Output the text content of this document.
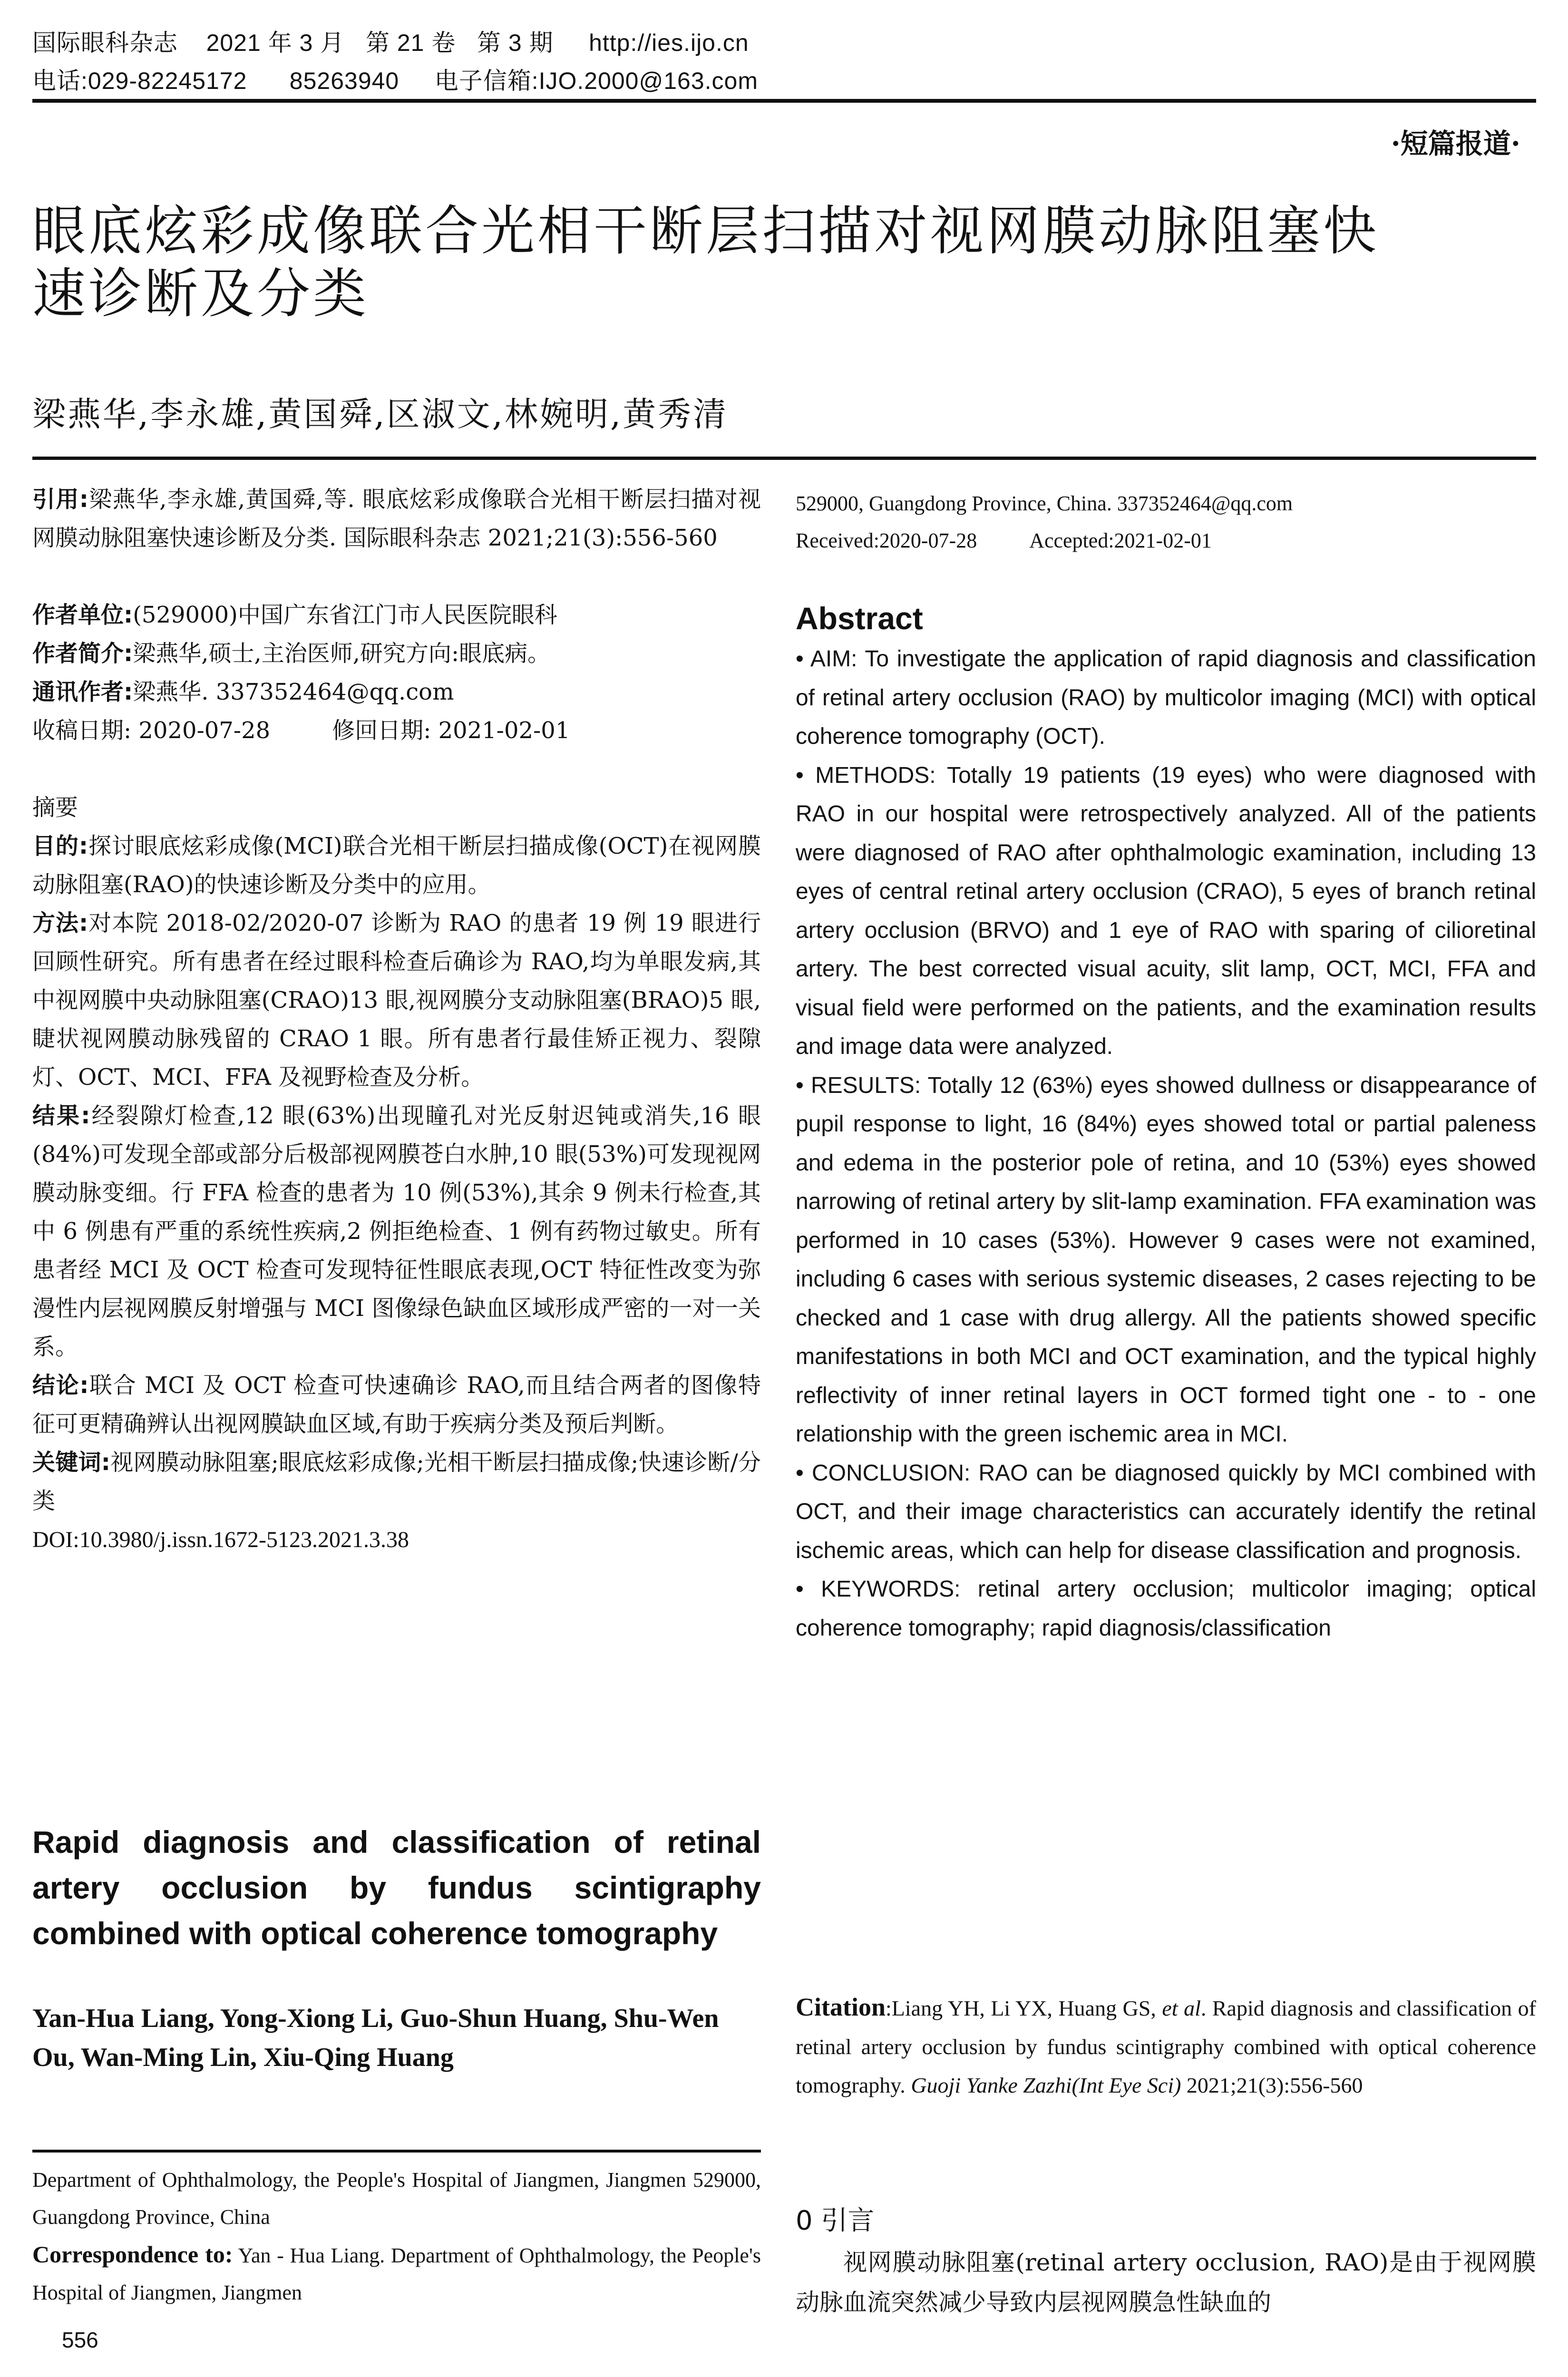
国际眼科杂志    2021 年 3 月   第 21 卷   第 3 期     http://ies.ijo.cn
电话:029-82245172      85263940     电子信箱:IJO.2000@163.com
·短篇报道·
眼底炫彩成像联合光相干断层扫描对视网膜动脉阻塞快
速诊断及分类
梁燕华,李永雄,黄国舜,区淑文,林婉明,黄秀清

引用:梁燕华,李永雄,黄国舜,等. 眼底炫彩成像联合光相干断层扫描对视网膜动脉阻塞快速诊断及分类. 国际眼科杂志 2021;21(3):556-560

作者单位:(529000)中国广东省江门市人民医院眼科

作者简介:梁燕华,硕士,主治医师,研究方向:眼底病。

通讯作者:梁燕华. 337352464@qq.com

收稿日期: 2020-07-28	修回日期: 2021-02-01

摘要

目的:探讨眼底炫彩成像(MCI)联合光相干断层扫描成像(OCT)在视网膜动脉阻塞(RAO)的快速诊断及分类中的应用。

方法:对本院 2018-02/2020-07 诊断为 RAO 的患者 19 例 19 眼进行回顾性研究。所有患者在经过眼科检查后确诊为 RAO,均为单眼发病,其中视网膜中央动脉阻塞(CRAO)13 眼,视网膜分支动脉阻塞(BRAO)5 眼,睫状视网膜动脉残留的 CRAO 1 眼。所有患者行最佳矫正视力、裂隙灯、OCT、MCI、FFA 及视野检查及分析。

结果:经裂隙灯检查,12 眼(63%)出现瞳孔对光反射迟钝或消失,16 眼(84%)可发现全部或部分后极部视网膜苍白水肿,10 眼(53%)可发现视网膜动脉变细。行 FFA 检查的患者为 10 例(53%),其余 9 例未行检查,其中 6 例患有严重的系统性疾病,2 例拒绝检查、1 例有药物过敏史。所有患者经 MCI 及 OCT 检查可发现特征性眼底表现,OCT 特征性改变为弥漫性内层视网膜反射增强与 MCI 图像绿色缺血区域形成严密的一对一关系。

结论:联合 MCI 及 OCT 检查可快速确诊 RAO,而且结合两者的图像特征可更精确辨认出视网膜缺血区域,有助于疾病分类及预后判断。

关键词:视网膜动脉阻塞;眼底炫彩成像;光相干断层扫描成像;快速诊断/分类

DOI:10.3980/j.issn.1672-5123.2021.3.38

Rapid diagnosis and classification of retinal artery occlusion by fundus scintigraphy combined with optical coherence tomography

Yan-Hua Liang, Yong-Xiong Li, Guo-Shun Huang, Shu-Wen Ou, Wan-Ming Lin, Xiu-Qing Huang

Department of Ophthalmology, the People's Hospital of Jiangmen, Jiangmen 529000, Guangdong Province, China

Correspondence to: Yan - Hua Liang. Department of Ophthalmology, the People's Hospital of Jiangmen, Jiangmen

556

529000, Guangdong Province, China. 337352464@qq.com

Received:2020-07-28	Accepted:2021-02-01

Abstract

• AIM: To investigate the application of rapid diagnosis and classification of retinal artery occlusion (RAO) by multicolor imaging (MCI) with optical coherence tomography (OCT).

• METHODS: Totally 19 patients (19 eyes) who were diagnosed with RAO in our hospital were retrospectively analyzed. All of the patients were diagnosed of RAO after ophthalmologic examination, including 13 eyes of central retinal artery occlusion (CRAO), 5 eyes of branch retinal artery occlusion (BRVO) and 1 eye of RAO with sparing of cilioretinal artery. The best corrected visual acuity, slit lamp, OCT, MCI, FFA and visual field were performed on the patients, and the examination results and image data were analyzed.

• RESULTS: Totally 12 (63%) eyes showed dullness or disappearance of pupil response to light, 16 (84%) eyes showed total or partial paleness and edema in the posterior pole of retina, and 10 (53%) eyes showed narrowing of retinal artery by slit-lamp examination. FFA examination was performed in 10 cases (53%). However 9 cases were not examined, including 6 cases with serious systemic diseases, 2 cases rejecting to be checked and 1 case with drug allergy. All the patients showed specific manifestations in both MCI and OCT examination, and the typical highly reflectivity of inner retinal layers in OCT formed tight one - to - one relationship with the green ischemic area in MCI.

• CONCLUSION: RAO can be diagnosed quickly by MCI combined with OCT, and their image characteristics can accurately identify the retinal ischemic areas, which can help for disease classification and prognosis.

• KEYWORDS: retinal artery occlusion; multicolor imaging; optical coherence tomography; rapid diagnosis/classification

Citation:Liang YH, Li YX, Huang GS, et al. Rapid diagnosis and classification of retinal artery occlusion by fundus scintigraphy combined with optical coherence tomography. Guoji Yanke Zazhi(Int Eye Sci) 2021;21(3):556-560

0 引言

视网膜动脉阻塞(retinal artery occlusion, RAO)是由于视网膜动脉血流突然减少导致内层视网膜急性缺血的
